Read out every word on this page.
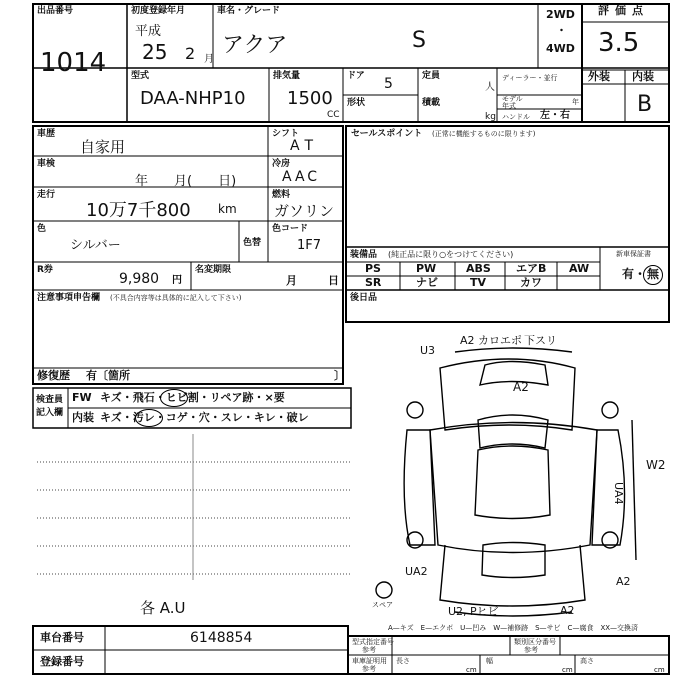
出品番号
1014
初度登録年月
平成
25 2 月
車名・グレード
アクア	S
2WD
・
4WD
評価点
3.5
外装 内装
B
型式
DAA-NHP10
排気量
1500
CC
ドア 5
形状
定員
人
積載
kg
ディーラー・並行
モデル
年式	年
ハンドル 左・右
車歴
自家用
シフト
AT
車検
年　　月(　　日)
冷房
AAC
走行
10万7千800 km
燃料
ガソリン
色
シルバー	色替
色コード
1F7
R券
9,980 円
名変期限
月	日
注意事項申告欄 (不具合内容等は具体的に記入して下さい)
修復歴 有〔箇所	〕
検査員
記入欄
FW キズ・飛石・ヒビ割・リペア跡・×要
内装 キズ・汚レ・コゲ・穴・スレ・キレ・破レ
各 A.U
セールスポイント (正常に機能するものに限ります)
装備品 (純正品に限り○をつけてください)
PS	PW	ABS エアB AW
SR	ナビ	TV	カワ
新車保証書
有・ 無
後日品
U3
A2 カロエポ 下スリ
A2
W2
UA4
UA2
A2
U2, Pヒビ	A2
スペア
A—キズ　E—エクボ　U—凹み　W—補修跡　S—サビ　C—腐食　XX—交換済
車台番号	6148854
登録番号
型式指定番号
参考
類別区分番号
参考
車庫証明用
参考
長さ	幅	高さ
cm	cm	cm
